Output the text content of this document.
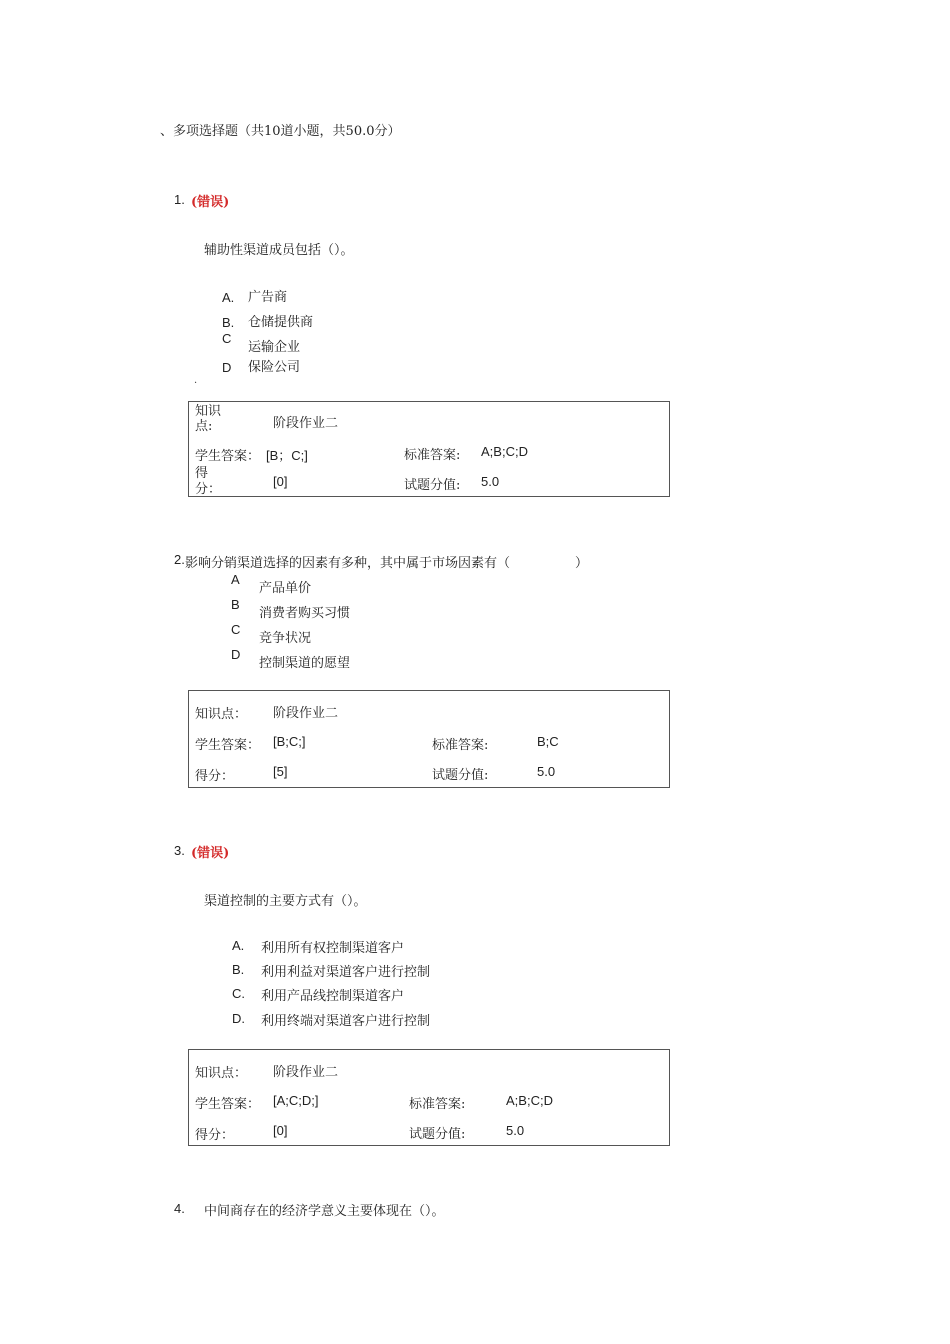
、多项选择题（共10道小题，共50.0分）
1. (错误)
辅助性渠道成员包括（）。
A. 广告商
B. 仓储提供商
C
运输企业
D 保险公司
·
知识
点:	阶段作业二
学生答案： [B；C;]	标准答案: A;B;C;D
得
分：
[0]	试题分值: 5.0
2. 影响分销渠道选择的因素有多种，其中属于市场因素有（　　　　　）
A
产品单价
B
消费者购买习惯
C
竞争状况
D
控制渠道的愿望
知识点： 阶段作业二
学生答案： [B;C;]	标准答案:	B;C
得分：	[5]	试题分值:	5.0
3. (错误)
渠道控制的主要方式有（）。
A. 利用所有权控制渠道客户
B. 利用利益对渠道客户进行控制
C. 利用产品线控制渠道客户
D. 利用终端对渠道客户进行控制
知识点： 阶段作业二
学生答案： [A;C;D;]	标准答案:	A;B;C;D
得分：	[0]	试题分值:	5.0
4. 中间商存在的经济学意义主要体现在（）。
